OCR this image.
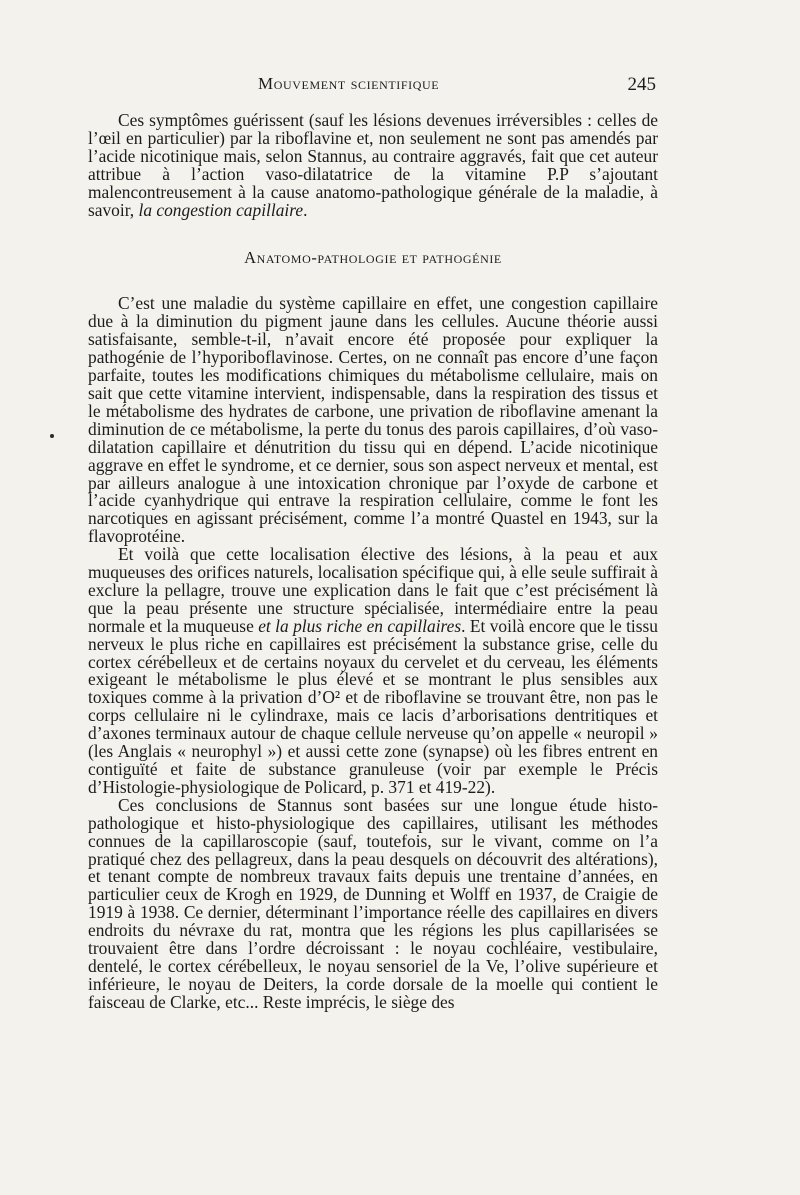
Mouvement scientifique	245

Ces symptômes guérissent (sauf les lésions devenues irréversibles : celles de l’œil en particulier) par la riboflavine et, non seulement ne sont pas amendés par l’acide nicotinique mais, selon Stannus, au contraire aggravés, fait que cet auteur attribue à l’action vaso-dilatatrice de la vitamine P.P s’ajoutant malencontreusement à la cause anatomo-pathologique générale de la maladie, à savoir, la congestion capillaire.

Anatomo-pathologie et pathogénie

C’est une maladie du système capillaire en effet, une congestion capillaire due à la diminution du pigment jaune dans les cellules. Aucune théorie aussi satisfaisante, semble-t-il, n’avait encore été proposée pour expliquer la pathogénie de l’hyporiboflavinose. Certes, on ne connaît pas encore d’une façon parfaite, toutes les modifications chimiques du métabolisme cellulaire, mais on sait que cette vitamine intervient, indispensable, dans la respiration des tissus et le métabolisme des hydrates de carbone, une privation de riboflavine amenant la diminution de ce métabolisme, la perte du tonus des parois capillaires, d’où vaso-dilatation capillaire et dénutrition du tissu qui en dépend. L’acide nicotinique aggrave en effet le syndrome, et ce dernier, sous son aspect nerveux et mental, est par ailleurs analogue à une intoxication chronique par l’oxyde de carbone et l’acide cyanhydrique qui entrave la respiration cellulaire, comme le font les narcotiques en agissant précisément, comme l’a montré Quastel en 1943, sur la flavoprotéine.

Et voilà que cette localisation élective des lésions, à la peau et aux muqueuses des orifices naturels, localisation spécifique qui, à elle seule suffirait à exclure la pellagre, trouve une explication dans le fait que c’est précisément là que la peau présente une structure spécialisée, intermédiaire entre la peau normale et la muqueuse et la plus riche en capillaires. Et voilà encore que le tissu nerveux le plus riche en capillaires est précisément la substance grise, celle du cortex cérébelleux et de certains noyaux du cervelet et du cerveau, les éléments exigeant le métabolisme le plus élevé et se montrant le plus sensibles aux toxiques comme à la privation d’O² et de riboflavine se trouvant être, non pas le corps cellulaire ni le cylindraxe, mais ce lacis d’arborisations dentritiques et d’axones terminaux autour de chaque cellule nerveuse qu’on appelle « neuropil » (les Anglais « neurophyl ») et aussi cette zone (synapse) où les fibres entrent en contiguïté et faite de substance granuleuse (voir par exemple le Précis d’Histologie-physiologique de Policard, p. 371 et 419-22).

Ces conclusions de Stannus sont basées sur une longue étude histo-pathologique et histo-physiologique des capillaires, utilisant les méthodes connues de la capillaroscopie (sauf, toutefois, sur le vivant, comme on l’a pratiqué chez des pellagreux, dans la peau desquels on découvrit des altérations), et tenant compte de nombreux travaux faits depuis une trentaine d’années, en particulier ceux de Krogh en 1929, de Dunning et Wolff en 1937, de Craigie de 1919 à 1938. Ce dernier, déterminant l’importance réelle des capillaires en divers endroits du névraxe du rat, montra que les régions les plus capillarisées se trouvaient être dans l’ordre décroissant : le noyau cochléaire, vestibulaire, dentelé, le cortex cérébelleux, le noyau sensoriel de la Ve, l’olive supérieure et inférieure, le noyau de Deiters, la corde dorsale de la moelle qui contient le faisceau de Clarke, etc... Reste imprécis, le siège des
